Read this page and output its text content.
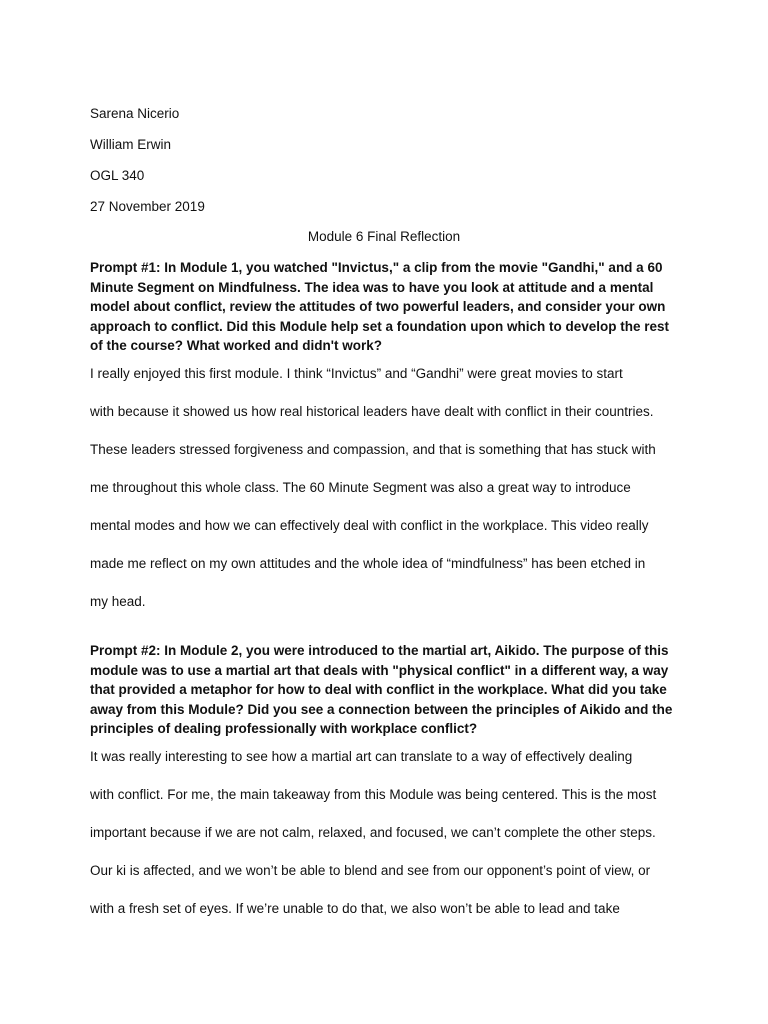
Sarena Nicerio
William Erwin
OGL 340
27 November 2019
Module 6 Final Reflection
Prompt #1: In Module 1, you watched "Invictus," a clip from the movie "Gandhi," and a 60
Minute Segment on Mindfulness. The idea was to have you look at attitude and a mental
model about conflict, review the attitudes of two powerful leaders, and consider your own
approach to conflict. Did this Module help set a foundation upon which to develop the rest
of the course? What worked and didn't work?
I really enjoyed this first module. I think “Invictus” and “Gandhi” were great movies to start
with because it showed us how real historical leaders have dealt with conflict in their countries.
These leaders stressed forgiveness and compassion, and that is something that has stuck with
me throughout this whole class. The 60 Minute Segment was also a great way to introduce
mental modes and how we can effectively deal with conflict in the workplace. This video really
made me reflect on my own attitudes and the whole idea of “mindfulness” has been etched in
my head.
Prompt #2: In Module 2, you were introduced to the martial art, Aikido. The purpose of this
module was to use a martial art that deals with "physical conflict" in a different way, a way
that provided a metaphor for how to deal with conflict in the workplace. What did you take
away from this Module? Did you see a connection between the principles of Aikido and the
principles of dealing professionally with workplace conflict?
It was really interesting to see how a martial art can translate to a way of effectively dealing
with conflict. For me, the main takeaway from this Module was being centered. This is the most
important because if we are not calm, relaxed, and focused, we can’t complete the other steps.
Our ki is affected, and we won’t be able to blend and see from our opponent’s point of view, or
with a fresh set of eyes. If we’re unable to do that, we also won’t be able to lead and take
